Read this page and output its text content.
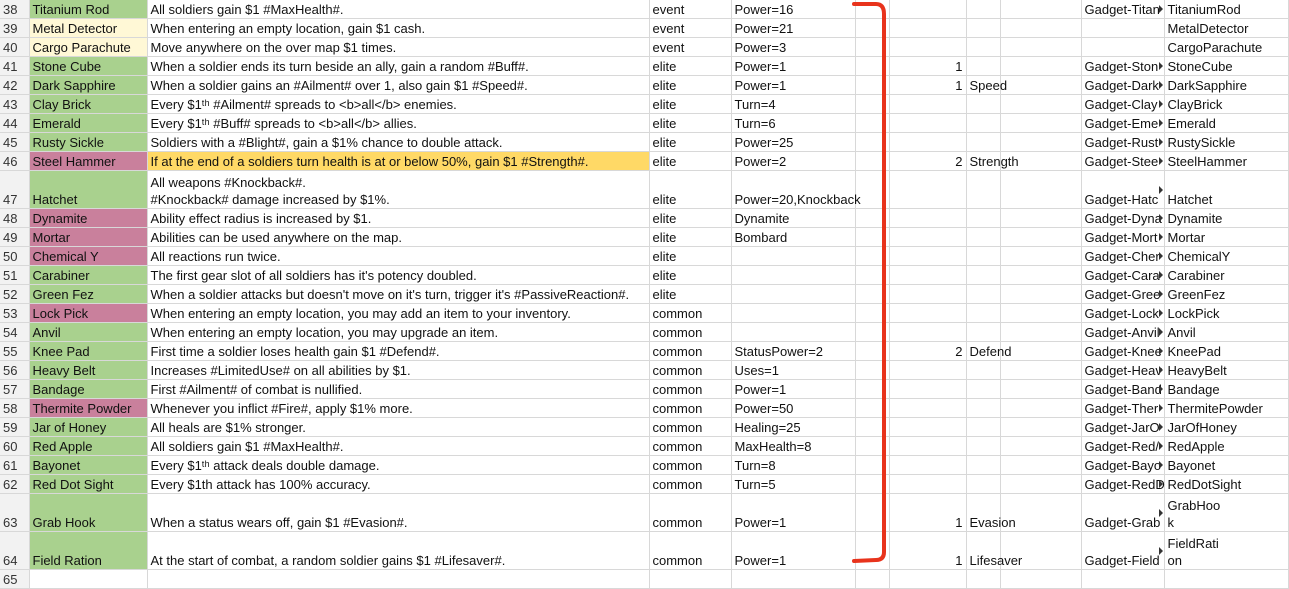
38	Titanium Rod	All soldiers gain $1 #MaxHealth#.	event	Power=16					Gadget-Titan	TitaniumRod
39	Metal Detector	When entering an empty location, gain $1 cash.	event	Power=21						MetalDetector
40	Cargo Parachute	Move anywhere on the over map $1 times.	event	Power=3						CargoParachute
41	Stone Cube	When a soldier ends its turn beside an ally, gain a random #Buff#.	elite	Power=1		1			Gadget-Ston	StoneCube
42	Dark Sapphire	When a soldier gains an #Ailment# over 1, also gain $1 #Speed#.	elite	Power=1		1	Speed		Gadget-Dark	DarkSapphire
43	Clay Brick	Every $1ᵗʰ #Ailment# spreads to <b>all</b> enemies.	elite	Turn=4					Gadget-Clay	ClayBrick
44	Emerald	Every $1ᵗʰ #Buff# spreads to <b>all</b> allies.	elite	Turn=6					Gadget-Eme	Emerald
45	Rusty Sickle	Soldiers with a #Blight#, gain a $1% chance to double attack.	elite	Power=25					Gadget-Rust	RustySickle
46	Steel Hammer	If at the end of a soldiers turn health is at or below 50%, gain $1 #Strength#.	elite	Power=2		2	Strength		Gadget-Stee	SteelHammer
47	Hatchet	All weapons #Knockback#.
#Knockback# damage increased by $1%.	elite	Power=20,Knockback					Gadget-Hatc	Hatchet
48	Dynamite	Ability effect radius is increased by $1.	elite	Dynamite					Gadget-Dyna	Dynamite
49	Mortar	Abilities can be used anywhere on the map.	elite	Bombard					Gadget-Mort	Mortar
50	Chemical Y	All reactions run twice.	elite						Gadget-Cher	ChemicalY
51	Carabiner	The first gear slot of all soldiers has it's potency doubled.	elite						Gadget-Cara	Carabiner
52	Green Fez	When a soldier attacks but doesn't move on it's turn, trigger it's #PassiveReaction#.	elite						Gadget-Gree	GreenFez
53	Lock Pick	When entering an empty location, you may add an item to your inventory.	common						Gadget-Lock	LockPick
54	Anvil	When entering an empty location, you may upgrade an item.	common						Gadget-Anvil	Anvil
55	Knee Pad	First time a soldier loses health gain $1 #Defend#.	common	StatusPower=2		2	Defend		Gadget-Knee	KneePad
56	Heavy Belt	Increases #LimitedUse# on all abilities by $1.	common	Uses=1					Gadget-Heav	HeavyBelt
57	Bandage	First #Ailment# of combat is nullified.	common	Power=1					Gadget-Band	Bandage
58	Thermite Powder	Whenever you inflict #Fire#, apply $1% more.	common	Power=50					Gadget-Ther	ThermitePowder
59	Jar of Honey	All heals are $1% stronger.	common	Healing=25					Gadget-JarO	JarOfHoney
60	Red Apple	All soldiers gain $1 #MaxHealth#.	common	MaxHealth=8					Gadget-Red/	RedApple
61	Bayonet	Every $1ᵗʰ attack deals double damage.	common	Turn=8					Gadget-Bayo	Bayonet
62	Red Dot Sight	Every $1th attack has 100% accuracy.	common	Turn=5					Gadget-RedD	RedDotSight
63	Grab Hook	When a status wears off, gain $1 #Evasion#.	common	Power=1		1	Evasion		Gadget-Grab	GrabHoo
k

64	Field Ration	At the start of combat, a random soldier gains $1 #Lifesaver#.	common	Power=1		1	Lifesaver		Gadget-Field	FieldRati
on

65										
